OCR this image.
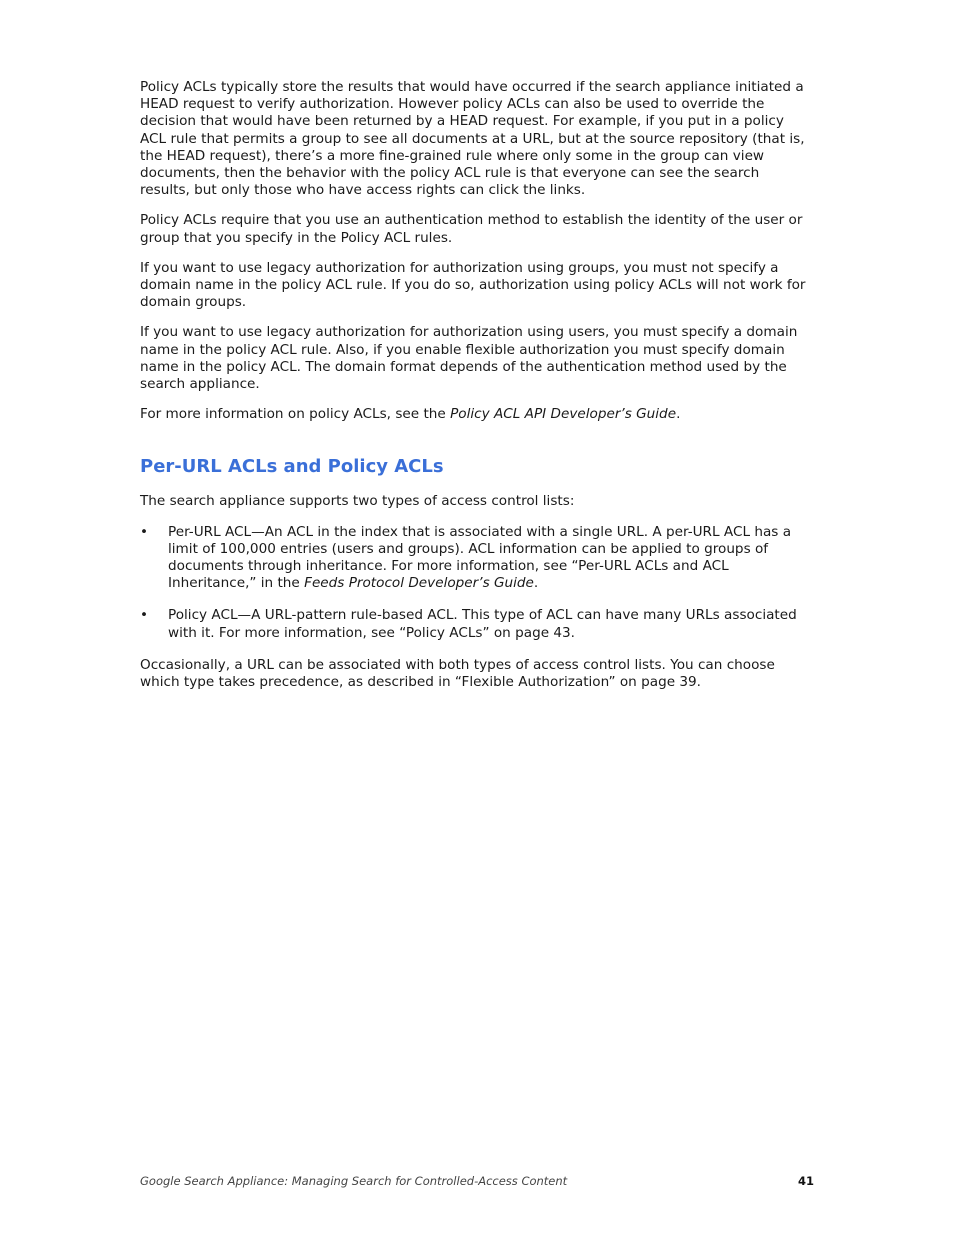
Policy ACLs typically store the results that would have occurred if the search appliance initiated a HEAD request to verify authorization. However policy ACLs can also be used to override the decision that would have been returned by a HEAD request. For example, if you put in a policy ACL rule that permits a group to see all documents at a URL, but at the source repository (that is, the HEAD request), there’s a more fine-grained rule where only some in the group can view documents, then the behavior with the policy ACL rule is that everyone can see the search results, but only those who have access rights can click the links.

Policy ACLs require that you use an authentication method to establish the identity of the user or group that you specify in the Policy ACL rules.

If you want to use legacy authorization for authorization using groups, you must not specify a domain name in the policy ACL rule. If you do so, authorization using policy ACLs will not work for domain groups.

If you want to use legacy authorization for authorization using users, you must specify a domain name in the policy ACL rule. Also, if you enable flexible authorization you must specify domain name in the policy ACL. The domain format depends of the authentication method used by the search appliance.

For more information on policy ACLs, see the Policy ACL API Developer’s Guide.

Per-URL ACLs and Policy ACLs

The search appliance supports two types of access control lists:

• Per-URL ACL—An ACL in the index that is associated with a single URL. A per-URL ACL has a limit of 100,000 entries (users and groups). ACL information can be applied to groups of documents through inheritance. For more information, see “Per-URL ACLs and ACL Inheritance,” in the Feeds Protocol Developer’s Guide.
• Policy ACL—A URL-pattern rule-based ACL. This type of ACL can have many URLs associated with it. For more information, see “Policy ACLs” on page 43.

Occasionally, a URL can be associated with both types of access control lists. You can choose which type takes precedence, as described in “Flexible Authorization” on page 39.

Google Search Appliance: Managing Search for Controlled-Access Content	41
